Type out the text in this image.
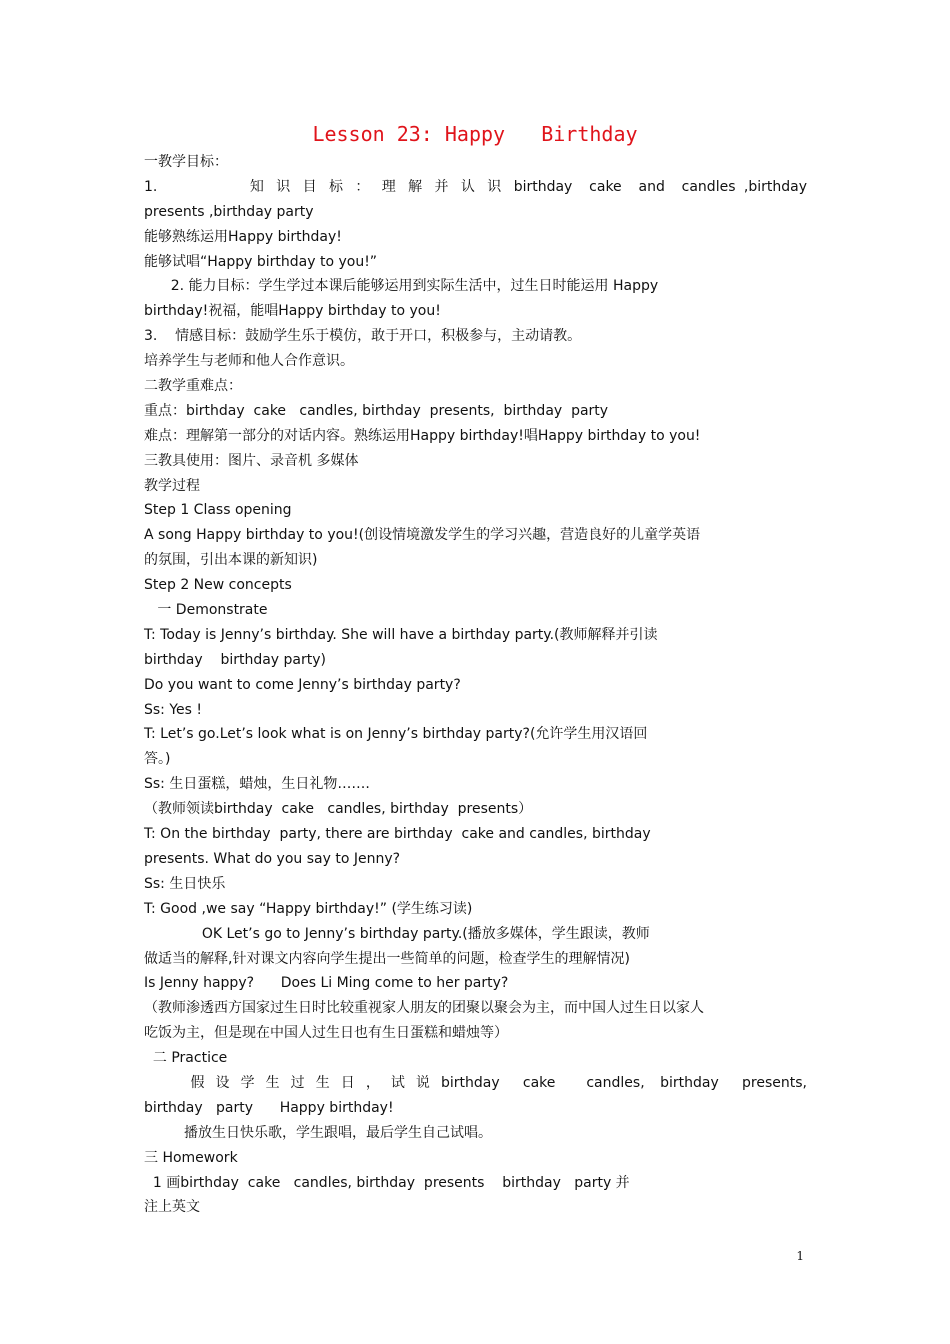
Lesson 23: Happy   Birthday
一教学目标：
1.           知 识 目 标 ： 理 解 并 认 识 birthday  cake  and  candles ,birthday
presents ,birthday party
能够熟练运用Happy birthday!
能够试唱“Happy birthday to you!”
2. 能力目标：学生学过本课后能够运用到实际生活中，过生日时能运用 Happy
birthday!祝福，能唱Happy birthday to you!
3.    情感目标：鼓励学生乐于模仿，敢于开口，积极参与，主动请教。
培养学生与老师和他人合作意识。
二教学重难点：
重点：birthday  cake   candles, birthday  presents,  birthday  party
难点：理解第一部分的对话内容。熟练运用Happy birthday!唱Happy birthday to you!
三教具使用：图片、录音机 多媒体
教学过程
Step 1 Class opening
A song Happy birthday to you!(创设情境激发学生的学习兴趣，营造良好的儿童学英语
的氛围，引出本课的新知识)
Step 2 New concepts
一 Demonstrate
T: Today is Jenny’s birthday. She will have a birthday party.(教师解释并引读
birthday    birthday party)
Do you want to come Jenny’s birthday party?
Ss: Yes !
T: Let’s go.Let’s look what is on Jenny’s birthday party?(允许学生用汉语回
答。)
Ss: 生日蛋糕，蜡烛，生日礼物…….
（教师领读birthday  cake   candles, birthday  presents）
T: On the birthday  party, there are birthday  cake and candles, birthday
presents. What do you say to Jenny?
Ss: 生日快乐
T: Good ,we say “Happy birthday!” (学生练习读)
OK Let’s go to Jenny’s birthday party.(播放多媒体，学生跟读，教师
做适当的解释,针对课文内容向学生提出一些简单的问题，检查学生的理解情况)
Is Jenny happy?      Does Li Ming come to her party?
（教师渗透西方国家过生日时比较重视家人朋友的团聚以聚会为主，而中国人过生日以家人
吃饭为主，但是现在中国人过生日也有生日蛋糕和蜡烛等）
二 Practice
假 设 学 生 过 生 日 ， 试 说 birthday   cake    candles,  birthday   presents,
birthday   party      Happy birthday!
播放生日快乐歌，学生跟唱，最后学生自己试唱。
三 Homework
1 画birthday  cake   candles, birthday  presents    birthday   party 并
注上英文
1
